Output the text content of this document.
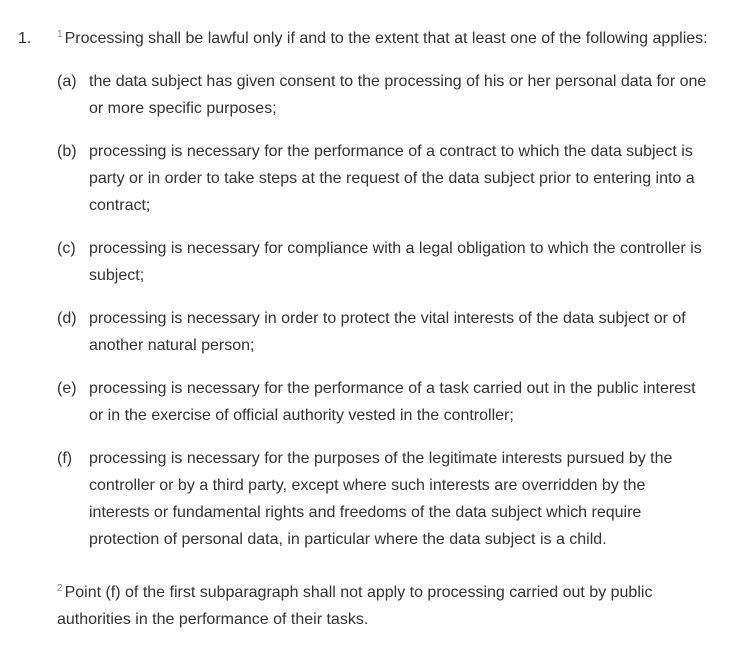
1.	$^1$ Processing shall be lawful only if and to the extent that at least one of the following applies:

(a) the data subject has given consent to the processing of his or her personal data for one or more specific purposes;
(b) processing is necessary for the performance of a contract to which the data subject is party or in order to take steps at the request of the data subject prior to entering into a contract;
(c) processing is necessary for compliance with a legal obligation to which the controller is subject;
(d) processing is necessary in order to protect the vital interests of the data subject or of another natural person;
(e) processing is necessary for the performance of a task carried out in the public interest or in the exercise of official authority vested in the controller;
(f)	processing is necessary for the purposes of the legitimate interests pursued by the controller or by a third party, except where such interests are overridden by the interests or fundamental rights and freedoms of the data subject which require protection of personal data, in particular where the data subject is a child.

$^2$ Point (f) of the first subparagraph shall not apply to processing carried out by public authorities in the performance of their tasks.
